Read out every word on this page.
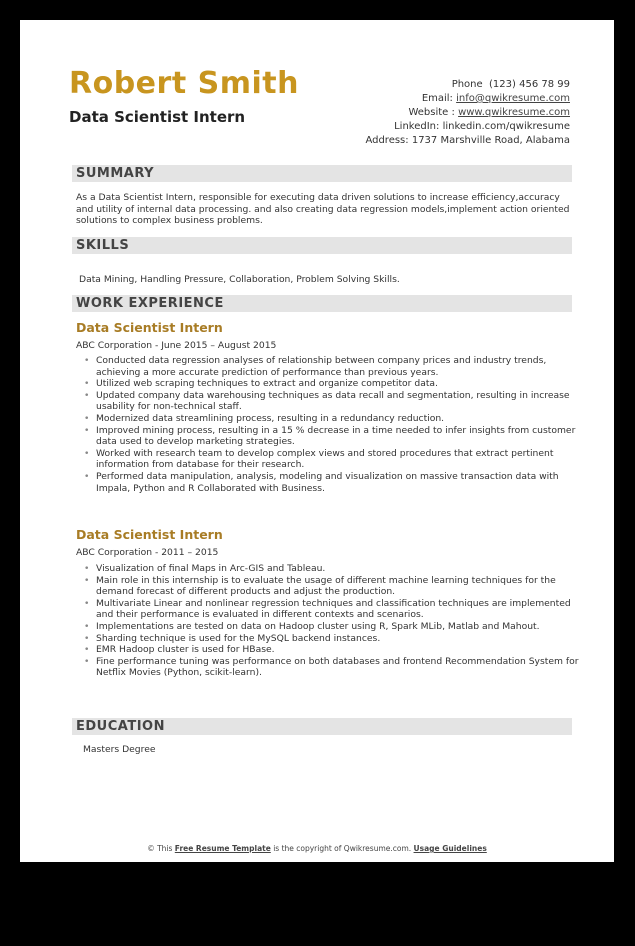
Robert Smith
Data Scientist Intern
Phone (123) 456 78 99
Email: info@qwikresume.com
Website : www.qwikresume.com
LinkedIn: linkedin.com/qwikresume
Address: 1737 Marshville Road, Alabama
SUMMARY
As a Data Scientist Intern, responsible for executing data driven solutions to increase efficiency,accuracy and utility of internal data processing. and also creating data regression models,implement action oriented solutions to complex business problems.
SKILLS
Data Mining, Handling Pressure, Collaboration, Problem Solving Skills.
WORK EXPERIENCE
Data Scientist Intern
ABC Corporation - June 2015 – August 2015
• Conducted data regression analyses of relationship between company prices and industry trends, achieving a more accurate prediction of performance than previous years.
• Utilized web scraping techniques to extract and organize competitor data.
• Updated company data warehousing techniques as data recall and segmentation, resulting in increase usability for non-technical staff.
• Modernized data streamlining process, resulting in a redundancy reduction.
• Improved mining process, resulting in a 15 % decrease in a time needed to infer insights from customer data used to develop marketing strategies.
• Worked with research team to develop complex views and stored procedures that extract pertinent information from database for their research.
• Performed data manipulation, analysis, modeling and visualization on massive transaction data with Impala, Python and R Collaborated with Business.
Data Scientist Intern
ABC Corporation - 2011 – 2015
• Visualization of final Maps in Arc-GIS and Tableau.
• Main role in this internship is to evaluate the usage of different machine learning techniques for the demand forecast of different products and adjust the production.
• Multivariate Linear and nonlinear regression techniques and classification techniques are implemented and their performance is evaluated in different contexts and scenarios.
• Implementations are tested on data on Hadoop cluster using R, Spark MLib, Matlab and Mahout.
• Sharding technique is used for the MySQL backend instances.
• EMR Hadoop cluster is used for HBase.
• Fine performance tuning was performance on both databases and frontend Recommendation System for Netflix Movies (Python, scikit-learn).
EDUCATION
Masters Degree
© This Free Resume Template is the copyright of Qwikresume.com. Usage Guidelines
